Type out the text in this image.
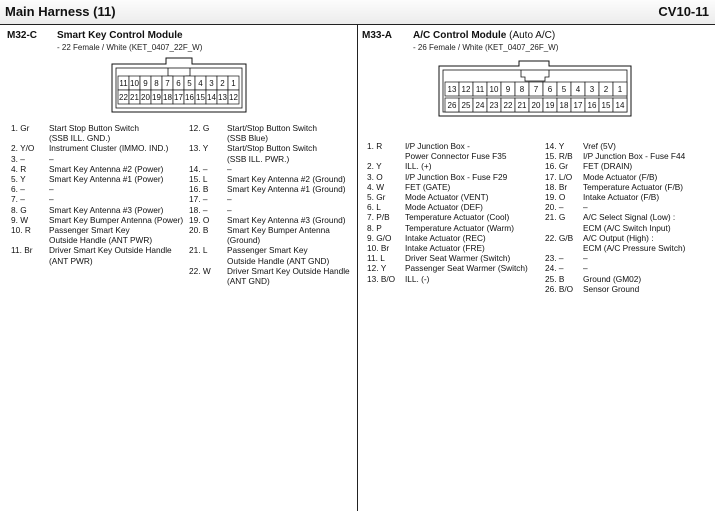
Main Harness (11)	CV10-11
M32-C Smart Key Control Module
- 22 Female / White (KET_0407_22F_W)
11 10 9 8 7 6 5 4 3 2 1
22 21 20 19 18 17 16 15 14 13 12
1. Gr Start Stop Button Switch
(SSB ILL. GND.)
2. Y/O Instrument Cluster (IMMO. IND.)
3. –	–
4. R	Smart Key Antenna #2 (Power)
5. Y	Smart Key Antenna #1 (Power)
6. –	–
7. –	–
8. G	Smart Key Antenna #3 (Power)
9. W	Smart Key Bumper Antenna (Power)
10. R Passenger Smart Key
Outside Handle (ANT PWR)
11. Br Driver Smart Key Outside Handle
(ANT PWR)
12. G Start/Stop Button Switch
(SSB Blue)
13. Y Start/Stop Button Switch
(SSB ILL. PWR.)
14. – –
15. L Smart Key Antenna #2 (Ground)
16. B Smart Key Antenna #1 (Ground)
17. – –
18. – –
19. O Smart Key Antenna #3 (Ground)
20. B Smart Key Bumper Antenna
(Ground)
21. L Passenger Smart Key
Outside Handle (ANT GND)
22. W Driver Smart Key Outside Handle
(ANT GND)
M33-A A/C Control Module (Auto A/C)
- 26 Female / White (KET_0407_26F_W)
13 12 11 10 9 8 7 6 5 4 3 2 1
26 25 24 23 22 21 20 19 18 17 16 15 14
1. R	I/P Junction Box -
Power Connector Fuse F35
2. Y	ILL. (+)
3. O	I/P Junction Box - Fuse F29
4. W	FET (GATE)
5. Gr Mode Actuator (VENT)
6. L	Mode Actuator (DEF)
7. P/B Temperature Actuator (Cool)
8. P	Temperature Actuator (Warm)
9. G/O Intake Actuator (REC)
10. Br Intake Actuator (FRE)
11. L Driver Seat Warmer (Switch)
12. Y Passenger Seat Warmer (Switch)
13. B/O ILL. (-)
14. Y Vref (5V)
15. R/B I/P Junction Box - Fuse F44
16. Gr FET (DRAIN)
17. L/O Mode Actuator (F/B)
18. Br Temperature Actuator (F/B)
19. O Intake Actuator (F/B)
20. – –
21. G A/C Select Signal (Low) :
ECM (A/C Switch Input)
22. G/B A/C Output (High) :
ECM (A/C Pressure Switch)
23. – –
24. – –
25. B Ground (GM02)
26. B/O Sensor Ground
